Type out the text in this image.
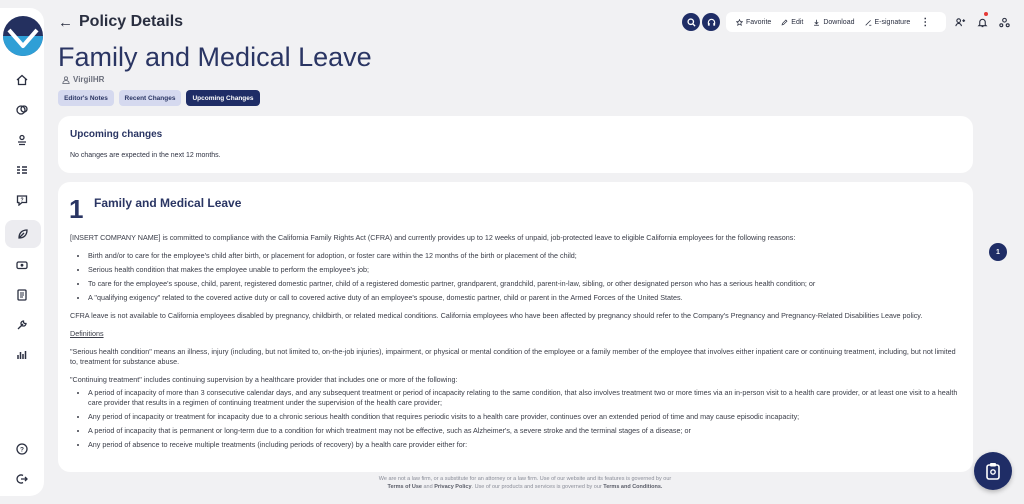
?
?
← Policy Details	Favorite	Edit	Download	E-signature ⋮
Family and Medical Leave
VirgilHR
Editor's Notes	Recent Changes	Upcoming Changes
Upcoming changes
No changes are expected in the next 12 months.
1 Family and Medical Leave

[INSERT COMPANY NAME] is committed to compliance with the California Family Rights Act (CFRA) and currently provides up to 12 weeks of unpaid, job-protected leave to eligible California employees for the following reasons:

• Birth and/or to care for the employee's child after birth, or placement for adoption, or foster care within the 12 months of the birth or placement of the child;
• Serious health condition that makes the employee unable to perform the employee's job;
• To care for the employee's spouse, child, parent, registered domestic partner, child of a registered domestic partner, grandparent, grandchild, parent-in-law, sibling, or other designated person who has a serious health condition; or
• A "qualifying exigency" related to the covered active duty or call to covered active duty of an employee's spouse, domestic partner, child or parent in the Armed Forces of the United States.

CFRA leave is not available to California employees disabled by pregnancy, childbirth, or related medical conditions. California employees who have been affected by pregnancy should refer to the Company's Pregnancy and Pregnancy-Related Disabilities Leave policy.

Definitions

"Serious health condition" means an illness, injury (including, but not limited to, on-the-job injuries), impairment, or physical or mental condition of the employee or a family member of the employee that involves either inpatient care or continuing treatment, including, but not limited to, treatment for substance abuse.

"Continuing treatment" includes continuing supervision by a healthcare provider that includes one or more of the following:

• A period of incapacity of more than 3 consecutive calendar days, and any subsequent treatment or period of incapacity relating to the same condition, that also involves treatment two or more times via an in-person visit to a health care provider, or at least one visit to a health care provider that results in a regimen of continuing treatment under the supervision of the health care provider;
• Any period of incapacity or treatment for incapacity due to a chronic serious health condition that requires periodic visits to a health care provider, continues over an extended period of time and may cause episodic incapacity;
• A period of incapacity that is permanent or long-term due to a condition for which treatment may not be effective, such as Alzheimer's, a severe stroke and the terminal stages of a disease; or
• Any period of absence to receive multiple treatments (including periods of recovery) by a health care provider either for:
1
We are not a law firm, or a substitute for an attorney or a law firm. Use of our website and its features is governed by our
Terms of Use and Privacy Policy. Use of our products and services is governed by our Terms and Conditions.
